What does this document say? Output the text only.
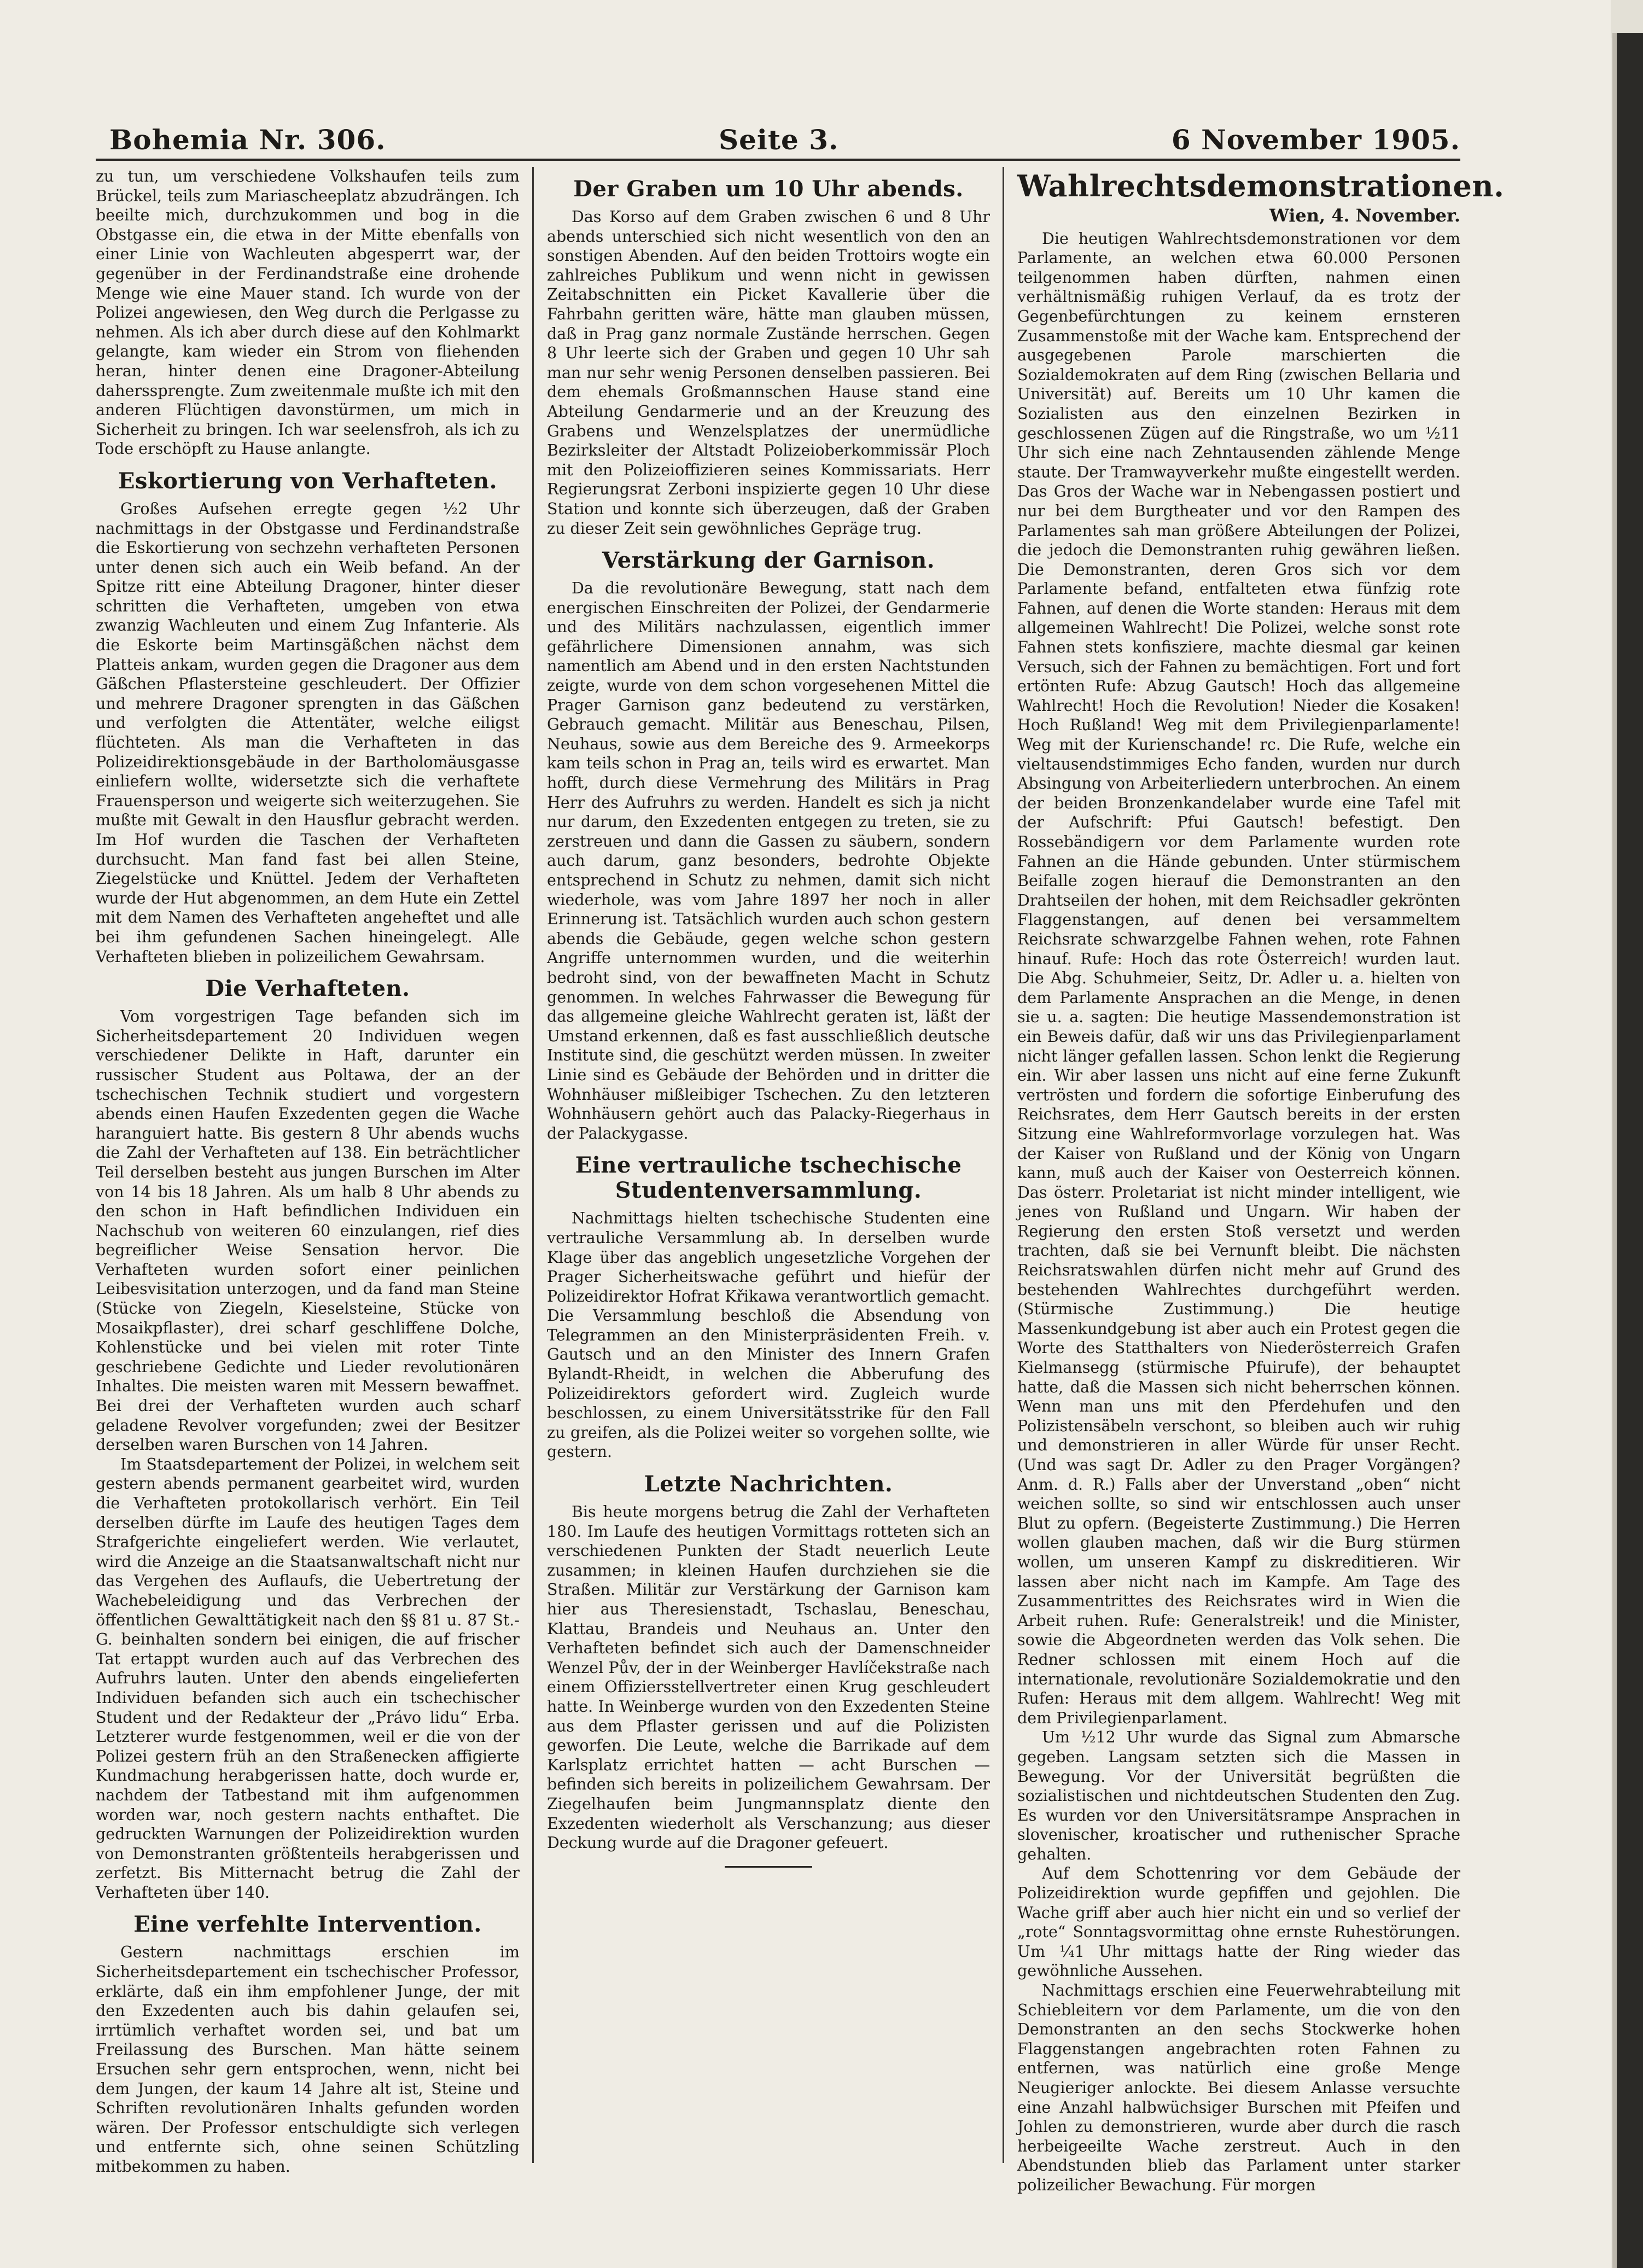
Bohemia Nr. 306.	Seite 3.	6 November 1905.

zu tun, um verschiedene Volkshaufen teils zum Brückel, teils zum Mariascheeplatz abzudrängen. Ich beeilte mich, durchzukommen und bog in die Obstgasse ein, die etwa in der Mitte ebenfalls von einer Linie von Wachleuten abgesperrt war, der gegenüber in der Ferdinandstraße eine drohende Menge wie eine Mauer stand. Ich wurde von der Polizei angewiesen, den Weg durch die Perlgasse zu nehmen. Als ich aber durch diese auf den Kohlmarkt gelangte, kam wieder ein Strom von fliehenden heran, hinter denen eine Dragoner-Abteilung daherssprengte. Zum zweitenmale mußte ich mit den anderen Flüchtigen davonstürmen, um mich in Sicherheit zu bringen. Ich war seelensfroh, als ich zu Tode erschöpft zu Hause anlangte.

Eskortierung von Verhafteten.

Großes Aufsehen erregte gegen ½2 Uhr nachmittags in der Obstgasse und Ferdinandstraße die Eskortierung von sechzehn verhafteten Personen unter denen sich auch ein Weib befand. An der Spitze ritt eine Abteilung Dragoner, hinter dieser schritten die Verhafteten, umgeben von etwa zwanzig Wachleuten und einem Zug Infanterie. Als die Eskorte beim Martinsgäßchen nächst dem Platteis ankam, wurden gegen die Dragoner aus dem Gäßchen Pflastersteine geschleudert. Der Offizier und mehrere Dragoner sprengten in das Gäßchen und verfolgten die Attentäter, welche eiligst flüchteten. Als man die Verhafteten in das Polizeidirektionsgebäude in der Bartholomäusgasse einliefern wollte, widersetzte sich die verhaftete Frauensperson und weigerte sich weiterzugehen. Sie mußte mit Gewalt in den Hausflur gebracht werden. Im Hof wurden die Taschen der Verhafteten durchsucht. Man fand fast bei allen Steine, Ziegelstücke und Knüttel. Jedem der Verhafteten wurde der Hut abgenommen, an dem Hute ein Zettel mit dem Namen des Verhafteten angeheftet und alle bei ihm gefundenen Sachen hineingelegt. Alle Verhafteten blieben in polizeilichem Gewahrsam.

Die Verhafteten.

Vom vorgestrigen Tage befanden sich im Sicherheitsdepartement 20 Individuen wegen verschiedener Delikte in Haft, darunter ein russischer Student aus Poltawa, der an der tschechischen Technik studiert und vorgestern abends einen Haufen Exzedenten gegen die Wache haranguiert hatte. Bis gestern 8 Uhr abends wuchs die Zahl der Verhafteten auf 138. Ein beträchtlicher Teil derselben besteht aus jungen Burschen im Alter von 14 bis 18 Jahren. Als um halb 8 Uhr abends zu den schon in Haft befindlichen Individuen ein Nachschub von weiteren 60 einzulangen, rief dies begreiflicher Weise Sensation hervor. Die Verhafteten wurden sofort einer peinlichen Leibesvisitation unterzogen, und da fand man Steine (Stücke von Ziegeln, Kieselsteine, Stücke von Mosaikpflaster), drei scharf geschliffene Dolche, Kohlenstücke und bei vielen mit roter Tinte geschriebene Gedichte und Lieder revolutionären Inhaltes. Die meisten waren mit Messern bewaffnet. Bei drei der Verhafteten wurden auch scharf geladene Revolver vorgefunden; zwei der Besitzer derselben waren Burschen von 14 Jahren.

Im Staatsdepartement der Polizei, in welchem seit gestern abends permanent gearbeitet wird, wurden die Verhafteten protokollarisch verhört. Ein Teil derselben dürfte im Laufe des heutigen Tages dem Strafgerichte eingeliefert werden. Wie verlautet, wird die Anzeige an die Staatsanwaltschaft nicht nur das Vergehen des Auflaufs, die Uebertretung der Wachebeleidigung und das Verbrechen der öffentlichen Gewalttätigkeit nach den §§ 81 u. 87 St.-G. beinhalten sondern bei einigen, die auf frischer Tat ertappt wurden auch auf das Verbrechen des Aufruhrs lauten. Unter den abends eingelieferten Individuen befanden sich auch ein tschechischer Student und der Redakteur der „Právo lidu“ Erba. Letzterer wurde festgenommen, weil er die von der Polizei gestern früh an den Straßenecken affigierte Kundmachung herabgerissen hatte, doch wurde er, nachdem der Tatbestand mit ihm aufgenommen worden war, noch gestern nachts enthaftet. Die gedruckten Warnungen der Polizeidirektion wurden von Demonstranten größtenteils herabgerissen und zerfetzt. Bis Mitternacht betrug die Zahl der Verhafteten über 140.

Eine verfehlte Intervention.

Gestern nachmittags erschien im Sicherheitsdepartement ein tschechischer Professor, erklärte, daß ein ihm empfohlener Junge, der mit den Exzedenten auch bis dahin gelaufen sei, irrtümlich verhaftet worden sei, und bat um Freilassung des Burschen. Man hätte seinem Ersuchen sehr gern entsprochen, wenn, nicht bei dem Jungen, der kaum 14 Jahre alt ist, Steine und Schriften revolutionären Inhalts gefunden worden wären. Der Professor entschuldigte sich verlegen und entfernte sich, ohne seinen Schützling mitbekommen zu haben.

Der Graben um 10 Uhr abends.

Das Korso auf dem Graben zwischen 6 und 8 Uhr abends unterschied sich nicht wesentlich von den an sonstigen Abenden. Auf den beiden Trottoirs wogte ein zahlreiches Publikum und wenn nicht in gewissen Zeitabschnitten ein Picket Kavallerie über die Fahrbahn geritten wäre, hätte man glauben müssen, daß in Prag ganz normale Zustände herrschen. Gegen 8 Uhr leerte sich der Graben und gegen 10 Uhr sah man nur sehr wenig Personen denselben passieren. Bei dem ehemals Großmannschen Hause stand eine Abteilung Gendarmerie und an der Kreuzung des Grabens und Wenzelsplatzes der unermüdliche Bezirksleiter der Altstadt Polizeioberkommissär Ploch mit den Polizeioffizieren seines Kommissariats. Herr Regierungsrat Zerboni inspizierte gegen 10 Uhr diese Station und konnte sich überzeugen, daß der Graben zu dieser Zeit sein gewöhnliches Gepräge trug.

Verstärkung der Garnison.

Da die revolutionäre Bewegung, statt nach dem energischen Einschreiten der Polizei, der Gendarmerie und des Militärs nachzulassen, eigentlich immer gefährlichere Dimensionen annahm, was sich namentlich am Abend und in den ersten Nachtstunden zeigte, wurde von dem schon vorgesehenen Mittel die Prager Garnison ganz bedeutend zu verstärken, Gebrauch gemacht. Militär aus Beneschau, Pilsen, Neuhaus, sowie aus dem Bereiche des 9. Armeekorps kam teils schon in Prag an, teils wird es erwartet. Man hofft, durch diese Vermehrung des Militärs in Prag Herr des Aufruhrs zu werden. Handelt es sich ja nicht nur darum, den Exzedenten entgegen zu treten, sie zu zerstreuen und dann die Gassen zu säubern, sondern auch darum, ganz besonders, bedrohte Objekte entsprechend in Schutz zu nehmen, damit sich nicht wiederhole, was vom Jahre 1897 her noch in aller Erinnerung ist. Tatsächlich wurden auch schon gestern abends die Gebäude, gegen welche schon gestern Angriffe unternommen wurden, und die weiterhin bedroht sind, von der bewaffneten Macht in Schutz genommen. In welches Fahrwasser die Bewegung für das allgemeine gleiche Wahlrecht geraten ist, läßt der Umstand erkennen, daß es fast ausschließlich deutsche Institute sind, die geschützt werden müssen. In zweiter Linie sind es Gebäude der Behörden und in dritter die Wohnhäuser mißleibiger Tschechen. Zu den letzteren Wohnhäusern gehört auch das Palacky-Riegerhaus in der Palackygasse.

Eine vertrauliche tschechische Studentenversammlung.

Nachmittags hielten tschechische Studenten eine vertrauliche Versammlung ab. In derselben wurde Klage über das angeblich ungesetzliche Vorgehen der Prager Sicherheitswache geführt und hiefür der Polizeidirektor Hofrat Křikawa verantwortlich gemacht. Die Versammlung beschloß die Absendung von Telegrammen an den Ministerpräsidenten Freih. v. Gautsch und an den Minister des Innern Grafen Bylandt-Rheidt, in welchen die Abberufung des Polizeidirektors gefordert wird. Zugleich wurde beschlossen, zu einem Universitätsstrike für den Fall zu greifen, als die Polizei weiter so vorgehen sollte, wie gestern.

Letzte Nachrichten.

Bis heute morgens betrug die Zahl der Verhafteten 180. Im Laufe des heutigen Vormittags rotteten sich an verschiedenen Punkten der Stadt neuerlich Leute zusammen; in kleinen Haufen durchziehen sie die Straßen. Militär zur Verstärkung der Garnison kam hier aus Theresienstadt, Tschaslau, Beneschau, Klattau, Brandeis und Neuhaus an. Unter den Verhafteten befindet sich auch der Damenschneider Wenzel Pův, der in der Weinberger Havlíčekstraße nach einem Offiziersstellvertreter einen Krug geschleudert hatte. In Weinberge wurden von den Exzedenten Steine aus dem Pflaster gerissen und auf die Polizisten geworfen. Die Leute, welche die Barrikade auf dem Karlsplatz errichtet hatten — acht Burschen — befinden sich bereits in polizeilichem Gewahrsam. Der Ziegelhaufen beim Jungmannsplatz diente den Exzedenten wiederholt als Verschanzung; aus dieser Deckung wurde auf die Dragoner gefeuert.

Wahlrechtsdemonstrationen.
Wien, 4. November.

Die heutigen Wahlrechtsdemonstrationen vor dem Parlamente, an welchen etwa 60.000 Personen teilgenommen haben dürften, nahmen einen verhältnismäßig ruhigen Verlauf, da es trotz der Gegenbefürchtungen zu keinem ernsteren Zusammenstoße mit der Wache kam. Entsprechend der ausgegebenen Parole marschierten die Sozialdemokraten auf dem Ring (zwischen Bellaria und Universität) auf. Bereits um 10 Uhr kamen die Sozialisten aus den einzelnen Bezirken in geschlossenen Zügen auf die Ringstraße, wo um ½11 Uhr sich eine nach Zehntausenden zählende Menge staute. Der Tramwayverkehr mußte eingestellt werden. Das Gros der Wache war in Nebengassen postiert und nur bei dem Burgtheater und vor den Rampen des Parlamentes sah man größere Abteilungen der Polizei, die jedoch die Demonstranten ruhig gewähren ließen. Die Demonstranten, deren Gros sich vor dem Parlamente befand, entfalteten etwa fünfzig rote Fahnen, auf denen die Worte standen: Heraus mit dem allgemeinen Wahlrecht! Die Polizei, welche sonst rote Fahnen stets konfisziere, machte diesmal gar keinen Versuch, sich der Fahnen zu bemächtigen. Fort und fort ertönten Rufe: Abzug Gautsch! Hoch das allgemeine Wahlrecht! Hoch die Revolution! Nieder die Kosaken! Hoch Rußland! Weg mit dem Privilegienparlamente! Weg mit der Kurienschande! rc. Die Rufe, welche ein vieltausendstimmiges Echo fanden, wurden nur durch Absingung von Arbeiterliedern unterbrochen. An einem der beiden Bronzenkandelaber wurde eine Tafel mit der Aufschrift: Pfui Gautsch! befestigt. Den Rossebändigern vor dem Parlamente wurden rote Fahnen an die Hände gebunden. Unter stürmischem Beifalle zogen hierauf die Demonstranten an den Drahtseilen der hohen, mit dem Reichsadler gekrönten Flaggenstangen, auf denen bei versammeltem Reichsrate schwarzgelbe Fahnen wehen, rote Fahnen hinauf. Rufe: Hoch das rote Österreich! wurden laut. Die Abg. Schuhmeier, Seitz, Dr. Adler u. a. hielten von dem Parlamente Ansprachen an die Menge, in denen sie u. a. sagten: Die heutige Massendemonstration ist ein Beweis dafür, daß wir uns das Privilegienparlament nicht länger gefallen lassen. Schon lenkt die Regierung ein. Wir aber lassen uns nicht auf eine ferne Zukunft vertrösten und fordern die sofortige Einberufung des Reichsrates, dem Herr Gautsch bereits in der ersten Sitzung eine Wahlreformvorlage vorzulegen hat. Was der Kaiser von Rußland und der König von Ungarn kann, muß auch der Kaiser von Oesterreich können. Das österr. Proletariat ist nicht minder intelligent, wie jenes von Rußland und Ungarn. Wir haben der Regierung den ersten Stoß versetzt und werden trachten, daß sie bei Vernunft bleibt. Die nächsten Reichsratswahlen dürfen nicht mehr auf Grund des bestehenden Wahlrechtes durchgeführt werden. (Stürmische Zustimmung.) Die heutige Massenkundgebung ist aber auch ein Protest gegen die Worte des Statthalters von Niederösterreich Grafen Kielmansegg (stürmische Pfuirufe), der behauptet hatte, daß die Massen sich nicht beherrschen können. Wenn man uns mit den Pferdehufen und den Polizistensäbeln verschont, so bleiben auch wir ruhig und demonstrieren in aller Würde für unser Recht. (Und was sagt Dr. Adler zu den Prager Vorgängen? Anm. d. R.) Falls aber der Unverstand „oben“ nicht weichen sollte, so sind wir entschlossen auch unser Blut zu opfern. (Begeisterte Zustimmung.) Die Herren wollen glauben machen, daß wir die Burg stürmen wollen, um unseren Kampf zu diskreditieren. Wir lassen aber nicht nach im Kampfe. Am Tage des Zusammentrittes des Reichsrates wird in Wien die Arbeit ruhen. Rufe: Generalstreik! und die Minister, sowie die Abgeordneten werden das Volk sehen. Die Redner schlossen mit einem Hoch auf die internationale, revolutionäre Sozialdemokratie und den Rufen: Heraus mit dem allgem. Wahlrecht! Weg mit dem Privilegienparlament.

Um ½12 Uhr wurde das Signal zum Abmarsche gegeben. Langsam setzten sich die Massen in Bewegung. Vor der Universität begrüßten die sozialistischen und nichtdeutschen Studenten den Zug. Es wurden vor den Universitätsrampe Ansprachen in slovenischer, kroatischer und ruthenischer Sprache gehalten.

Auf dem Schottenring vor dem Gebäude der Polizeidirektion wurde gepfiffen und gejohlen. Die Wache griff aber auch hier nicht ein und so verlief der „rote“ Sonntagsvormittag ohne ernste Ruhestörungen. Um ¼1 Uhr mittags hatte der Ring wieder das gewöhnliche Aussehen.

Nachmittags erschien eine Feuerwehrabteilung mit Schiebleitern vor dem Parlamente, um die von den Demonstranten an den sechs Stockwerke hohen Flaggenstangen angebrachten roten Fahnen zu entfernen, was natürlich eine große Menge Neugieriger anlockte. Bei diesem Anlasse versuchte eine Anzahl halbwüchsiger Burschen mit Pfeifen und Johlen zu demonstrieren, wurde aber durch die rasch herbeigeeilte Wache zerstreut. Auch in den Abendstunden blieb das Parlament unter starker polizeilicher Bewachung. Für morgen
